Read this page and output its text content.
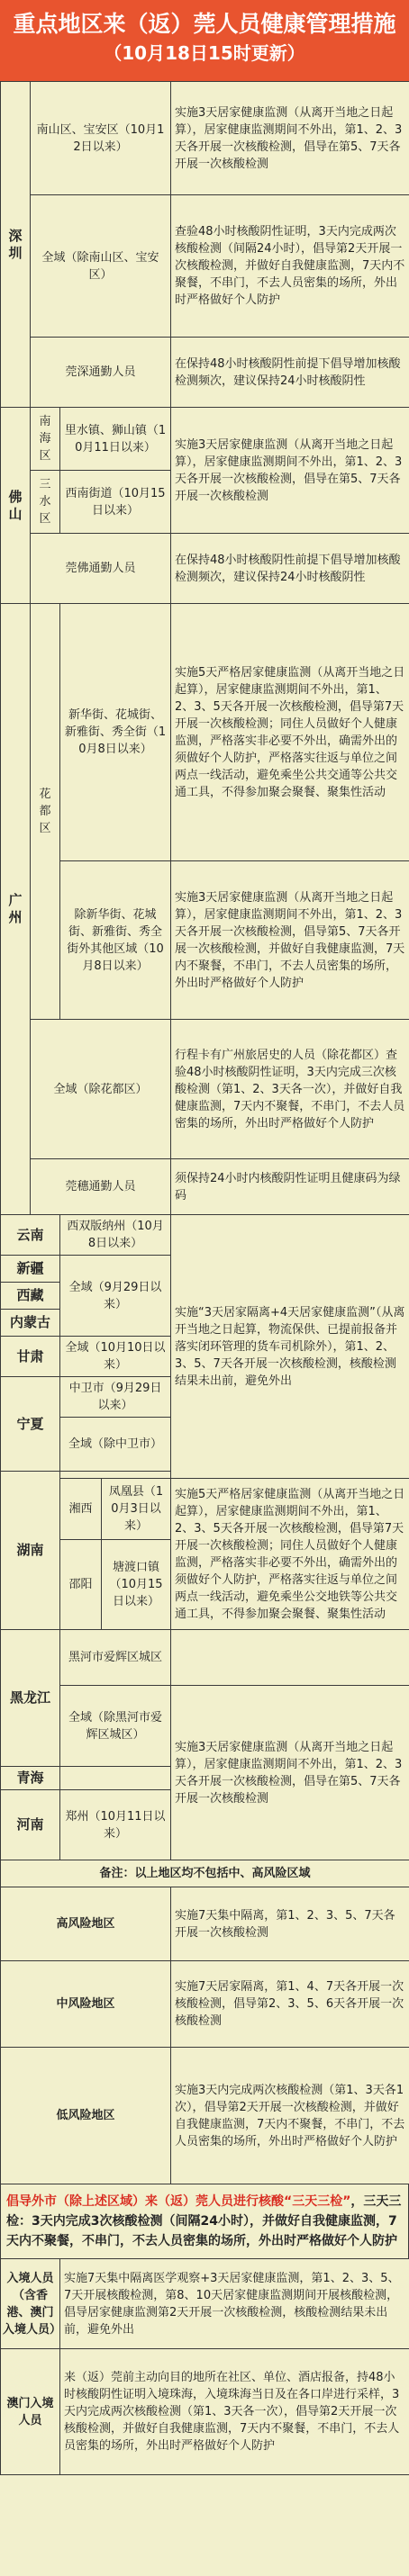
重点地区来（返）莞人员健康管理措施
（10月18日15时更新）
深圳	南山区、宝安区（10月12日以来）			实施3天居家健康监测（从离开当地之日起算），居家健康监测期间不外出，第1、2、3天各开展一次核酸检测，倡导在第5、7天各开展一次核酸检测
	全域（除南山区、宝安区）			查验48小时核酸阴性证明，3天内完成两次核酸检测（间隔24小时），倡导第2天开展一次核酸检测，并做好自我健康监测，7天内不聚餐，不串门，不去人员密集的场所，外出时严格做好个人防护
	莞深通勤人员			在保持48小时核酸阴性前提下倡导增加核酸检测频次，建议保持24小时核酸阴性
佛山	南海区	里水镇、狮山镇（10月11日以来）		实施3天居家健康监测（从离开当地之日起算），居家健康监测期间不外出，第1、2、3天各开展一次核酸检测，倡导在第5、7天各开展一次核酸检测
	三水区	西南街道（10月15日以来）		
	莞佛通勤人员			在保持48小时核酸阴性前提下倡导增加核酸检测频次，建议保持24小时核酸阴性
广州	花都区	新华街、花城街、新雅街、秀全街（10月8日以来）		实施5天严格居家健康监测（从离开当地之日起算），居家健康监测期间不外出，第1、2、3、5天各开展一次核酸检测，倡导第7天开展一次核酸检测；同住人员做好个人健康监测，严格落实非必要不外出，确需外出的须做好个人防护，严格落实往返与单位之间两点一线活动，避免乘坐公共交通等公共交通工具，不得参加聚会聚餐、聚集性活动
		除新华街、花城街、新雅街、秀全街外其他区域（10月8日以来）		实施3天居家健康监测（从离开当地之日起算），居家健康监测期间不外出，第1、2、3天各开展一次核酸检测，倡导第5、7天各开展一次核酸检测，并做好自我健康监测，7天内不聚餐，不串门，不去人员密集的场所，外出时严格做好个人防护
	全域（除花都区）			行程卡有广州旅居史的人员（除花都区）查验48小时核酸阴性证明，3天内完成三次核酸检测（第1、2、3天各一次），并做好自我健康监测，7天内不聚餐，不串门，不去人员密集的场所，外出时严格做好个人防护
	莞穗通勤人员			须保持24小时内核酸阴性证明且健康码为绿码
云南		西双版纳州（10月8日以来）		实施“3天居家隔离+4天居家健康监测”（从离开当地之日起算，物流保供、已提前报备并落实闭环管理的货车司机除外），第1、2、3、5、7天各开展一次核酸检测，核酸检测结果未出前，避免外出
新疆		全域（9月29日以来）		
西藏				
内蒙古				
甘肃		全域（10月10日以来）		
宁夏		中卫市（9月29日以来）		
		全域（除中卫市）		
湖南				
		湘西	凤凰县（10月3日以来）	实施5天严格居家健康监测（从离开当地之日起算），居家健康监测期间不外出，第1、2、3、5天各开展一次核酸检测，倡导第7天开展一次核酸检测；同住人员做好个人健康监测，严格落实非必要不外出，确需外出的须做好个人防护，严格落实往返与单位之间两点一线活动，避免乘坐公交地铁等公共交通工具，不得参加聚会聚餐、聚集性活动
		邵阳	塘渡口镇（10月15日以来）	
黑龙江		黑河市爱辉区城区		
		全域（除黑河市爱辉区城区）		实施3天居家健康监测（从离开当地之日起算），居家健康监测期间不外出，第1、2、3天各开展一次核酸检测，倡导在第5、7天各开展一次核酸检测
青海				
河南		郑州（10月11日以来）		
备注：以上地区均不包括中、高风险区域				
高风险地区				实施7天集中隔离，第1、2、3、5、7天各开展一次核酸检测
中风险地区				实施7天居家隔离，第1、4、7天各开展一次核酸检测，倡导第2、3、5、6天各开展一次核酸检测
低风险地区				实施3天内完成两次核酸检测（第1、3天各1次），倡导第2天开展一次核酸检测，并做好自我健康监测，7天内不聚餐，不串门，不去人员密集的场所，外出时严格做好个人防护
倡导外市（除上述区域）来（返）莞人员进行核酸“三天三检”，三天三检：3天内完成3次核酸检测（间隔24小时），并做好自我健康监测，7天内不聚餐，不串门，不去人员密集的场所，外出时严格做好个人防护
入境人员（含香港、澳门入境人员）	实施7天集中隔离医学观察+3天居家健康监测，第1、2、3、5、7天开展核酸检测，第8、10天居家健康监测期间开展核酸检测，倡导居家健康监测第2天开展一次核酸检测，核酸检测结果未出前，避免外出
澳门入境人员	来（返）莞前主动向目的地所在社区、单位、酒店报备，持48小时核酸阴性证明入境珠海，入境珠海当日及在各口岸进行采样，3天内完成两次核酸检测（第1、3天各一次），倡导第2天开展一次核酸检测，并做好自我健康监测，7天内不聚餐，不串门，不去人员密集的场所，外出时严格做好个人防护
